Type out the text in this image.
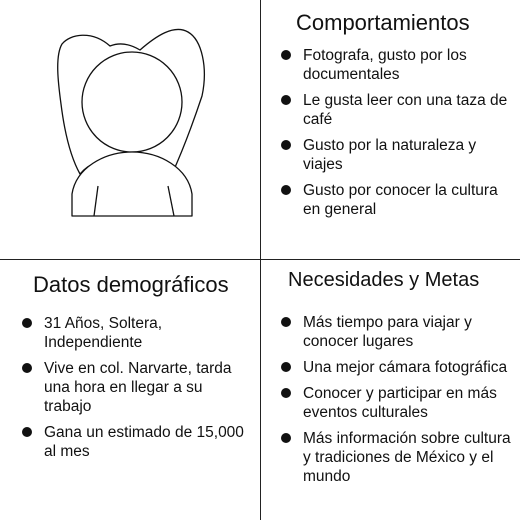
Comportamientos
Fotografa, gusto por los documentales
Le gusta leer con una taza de café
Gusto por la naturaleza y viajes
Gusto por conocer la cultura en general
Datos demográficos
31 Años, Soltera, Independiente
Vive en col. Narvarte, tarda una hora en llegar a su trabajo
Gana un estimado de 15,000 al mes
Necesidades y Metas
Más tiempo para viajar y conocer lugares
Una mejor cámara fotográfica
Conocer y participar en más eventos culturales
Más información sobre cultura y tradiciones de México y el mundo
